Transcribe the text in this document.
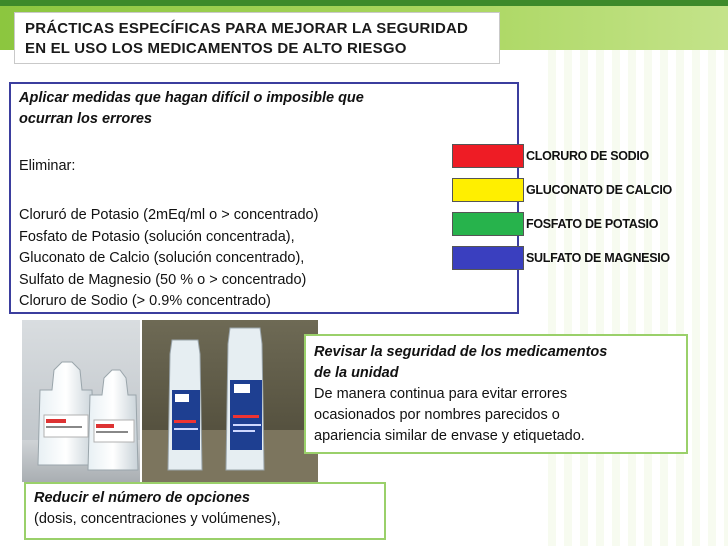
PRÁCTICAS ESPECÍFICAS PARA MEJORAR LA SEGURIDAD
EN EL USO LOS MEDICAMENTOS DE ALTO RIESGO
Aplicar medidas que hagan difícil o imposible que
ocurran los errores
Eliminar:
Cloruró de Potasio (2mEq/ml o > concentrado)
Fosfato de Potasio (solución concentrada),
Gluconato de Calcio (solución concentrado),
Sulfato de Magnesio (50 % o > concentrado)
Cloruro de Sodio (> 0.9% concentrado)
CLORURO DE SODIO
GLUCONATO DE CALCIO
FOSFATO DE POTASIO
SULFATO DE MAGNESIO
Revisar la seguridad de los medicamentos
de la unidad
De manera continua para evitar errores
ocasionados por nombres parecidos o
apariencia similar de envase y etiquetado.
Reducir el número de opciones
(dosis, concentraciones y volúmenes),
